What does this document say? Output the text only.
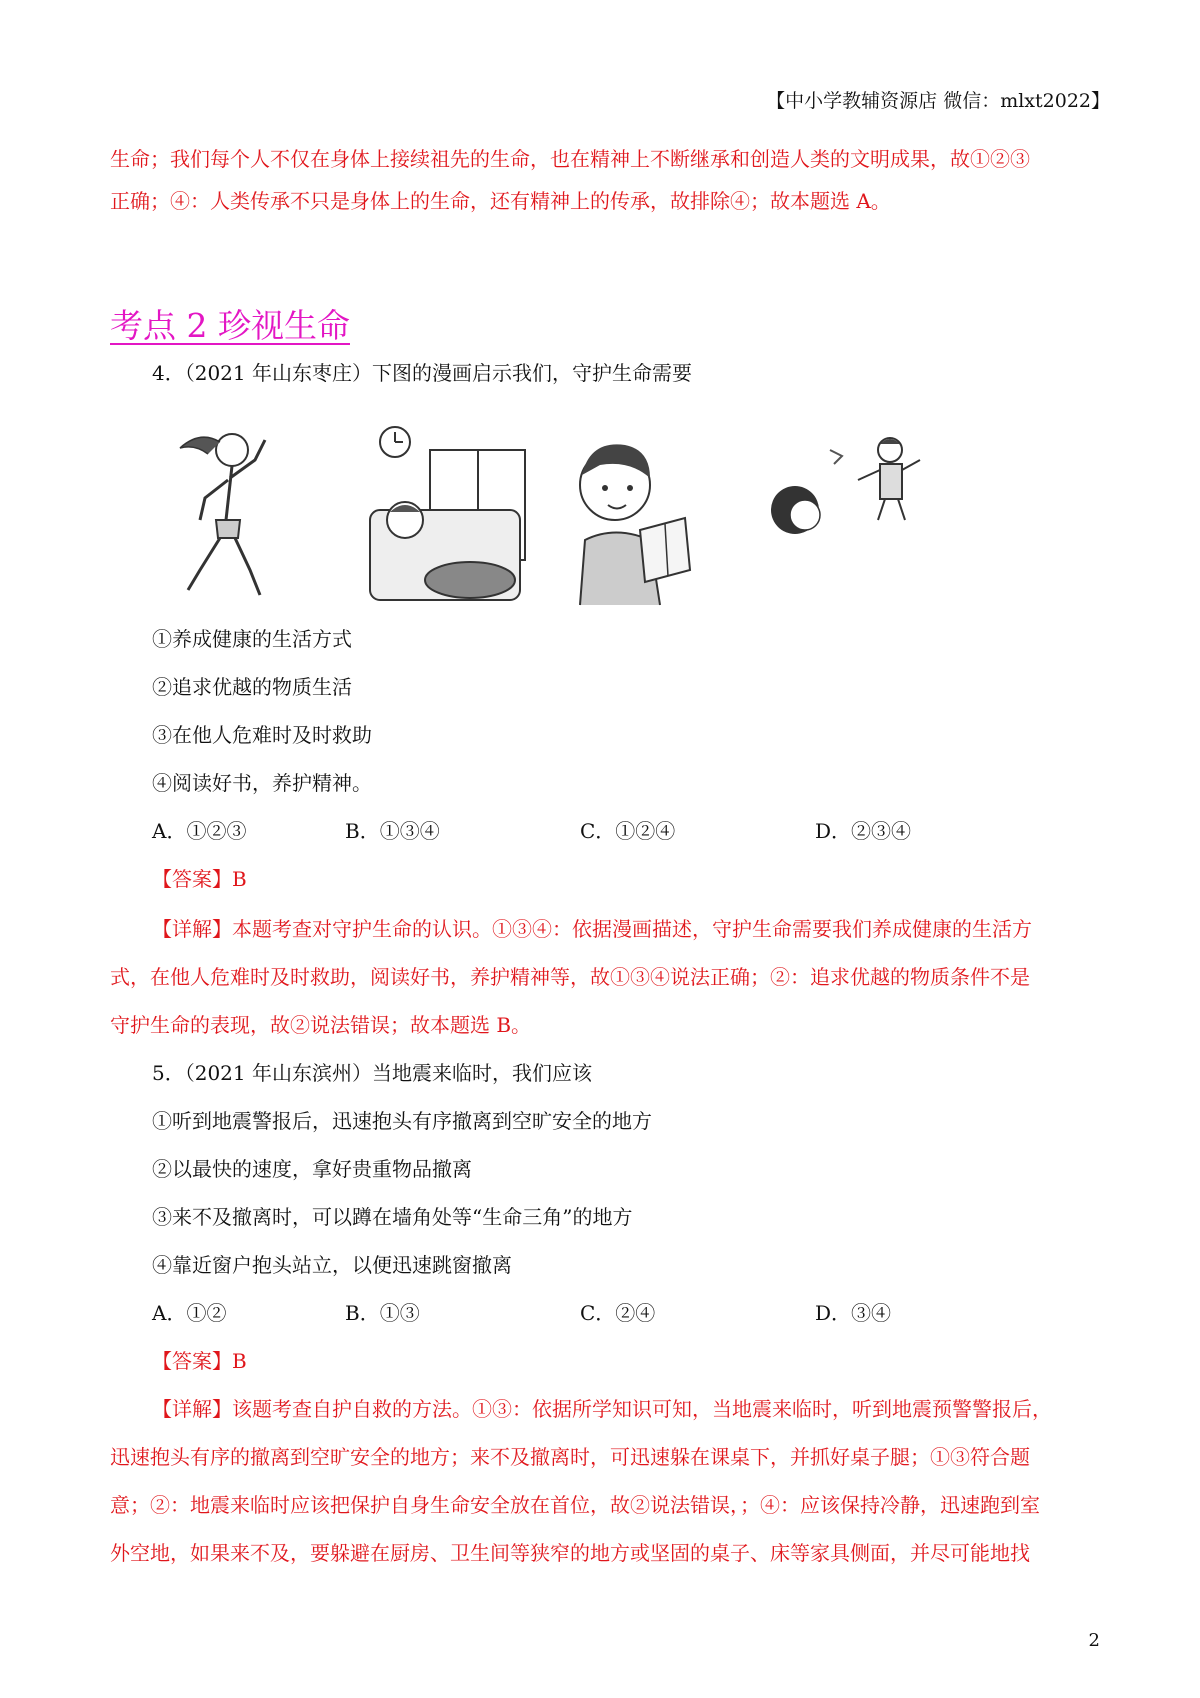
【中小学教辅资源店 微信：mlxt2022】
生命；我们每个人不仅在身体上接续祖先的生命，也在精神上不断继承和创造人类的文明成果，故①②③
正确；④：人类传承不只是身体上的生命，还有精神上的传承，故排除④；故本题选 A。
考点 2 珍视生命
4．（2021 年山东枣庄）下图的漫画启示我们，守护生命需要
①养成健康的生活方式
②追求优越的物质生活
③在他人危难时及时救助
④阅读好书，养护精神。
A．①②③	B．①③④	C．①②④	D．②③④
【答案】B
【详解】本题考查对守护生命的认识。①③④：依据漫画描述，守护生命需要我们养成健康的生活方
式，在他人危难时及时救助，阅读好书，养护精神等，故①③④说法正确；②：追求优越的物质条件不是
守护生命的表现，故②说法错误；故本题选 B。
5．（2021 年山东滨州）当地震来临时，我们应该
①听到地震警报后，迅速抱头有序撤离到空旷安全的地方
②以最快的速度，拿好贵重物品撤离
③来不及撤离时，可以蹲在墙角处等“生命三角”的地方
④靠近窗户抱头站立，以便迅速跳窗撤离
A．①②	B．①③	C．②④	D．③④
【答案】B
【详解】该题考查自护自救的方法。①③：依据所学知识可知，当地震来临时，听到地震预警警报后，
迅速抱头有序的撤离到空旷安全的地方；来不及撤离时，可迅速躲在课桌下，并抓好桌子腿；①③符合题
意；②：地震来临时应该把保护自身生命安全放在首位，故②说法错误，；④：应该保持冷静，迅速跑到室
外空地，如果来不及，要躲避在厨房、卫生间等狭窄的地方或坚固的桌子、床等家具侧面，并尽可能地找
2
